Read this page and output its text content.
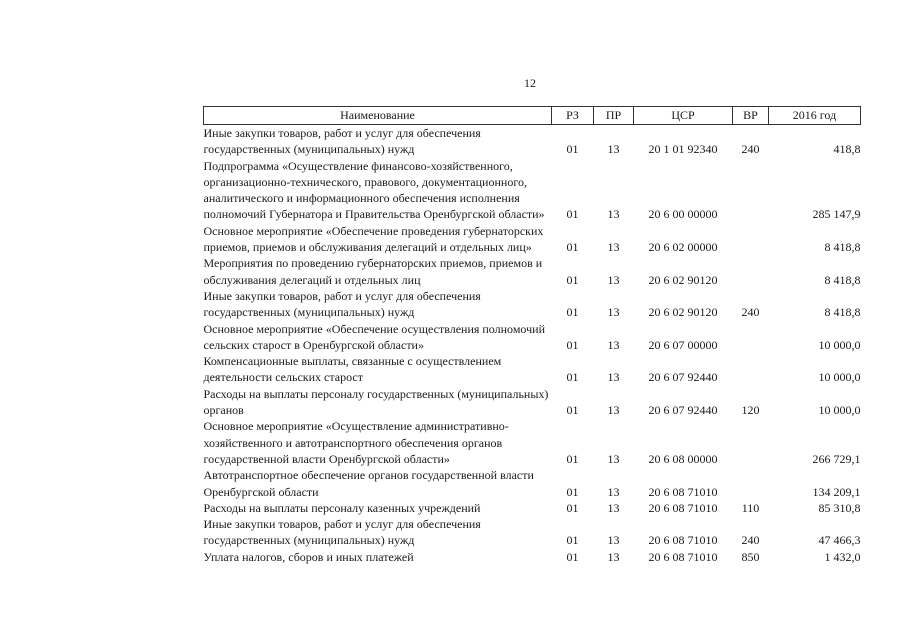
12
Наименование	РЗ	ПР	ЦСР	ВР	2016 год
Иные закупки товаров, работ и услуг для обеспечения государственных (муниципальных) нужд	01	13	20 1 01 92340	240	418,8
Подпрограмма «Осуществление финансово-хозяйственного, организационно-технического, правового, документационного, аналитического и информационного обеспечения исполнения полномочий Губернатора и Правительства Оренбургской области»	01	13	20 6 00 00000		285 147,9
Основное мероприятие «Обеспечение проведения губернаторских приемов, приемов и обслуживания делегаций и отдельных лиц»	01	13	20 6 02 00000		8 418,8
Мероприятия по проведению губернаторских приемов, приемов и обслуживания делегаций и отдельных лиц	01	13	20 6 02 90120		8 418,8
Иные закупки товаров, работ и услуг для обеспечения государственных (муниципальных) нужд	01	13	20 6 02 90120	240	8 418,8
Основное мероприятие «Обеспечение осуществления полномочий сельских старост в Оренбургской области»	01	13	20 6 07 00000		10 000,0
Компенсационные выплаты, связанные с осуществлением деятельности сельских старост	01	13	20 6 07 92440		10 000,0
Расходы на выплаты персоналу государственных (муниципальных) органов	01	13	20 6 07 92440	120	10 000,0
Основное мероприятие «Осуществление административно-хозяйственного и автотранспортного обеспечения органов государственной власти Оренбургской области»	01	13	20 6 08 00000		266 729,1
Автотранспортное обеспечение органов государственной власти Оренбургской области	01	13	20 6 08 71010		134 209,1
Расходы на выплаты персоналу казенных учреждений	01	13	20 6 08 71010	110	85 310,8
Иные закупки товаров, работ и услуг для обеспечения государственных (муниципальных) нужд	01	13	20 6 08 71010	240	47 466,3
Уплата налогов, сборов и иных платежей	01	13	20 6 08 71010	850	1 432,0
